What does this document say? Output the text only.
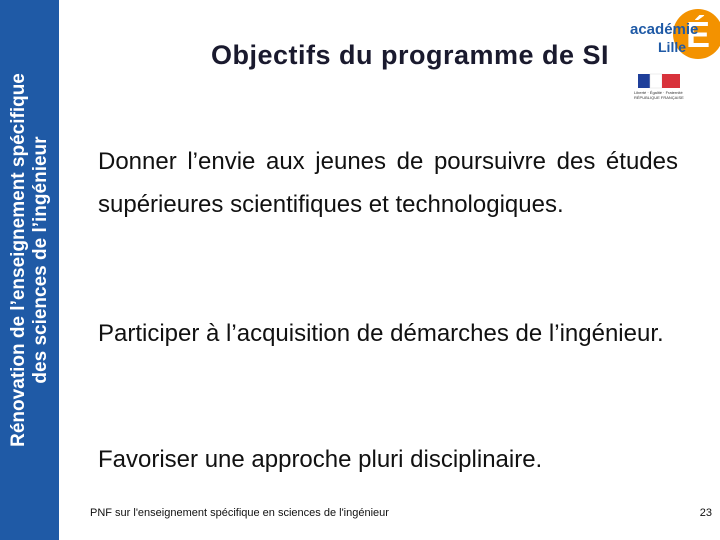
Rénovation de l’enseignement spécifique des sciences de l’ingénieur
Objectifs du programme de SI	É
académie
Lille
Liberté · Égalité · Fraternité
RÉPUBLIQUE FRANÇAISE

Donner l’envie aux jeunes de poursuivre des études supérieures scientifiques et technologiques.

Participer à l’acquisition de démarches de l’ingénieur.

Favoriser une approche pluri disciplinaire.

PNF sur l'enseignement spécifique en sciences de l'ingénieur	23
